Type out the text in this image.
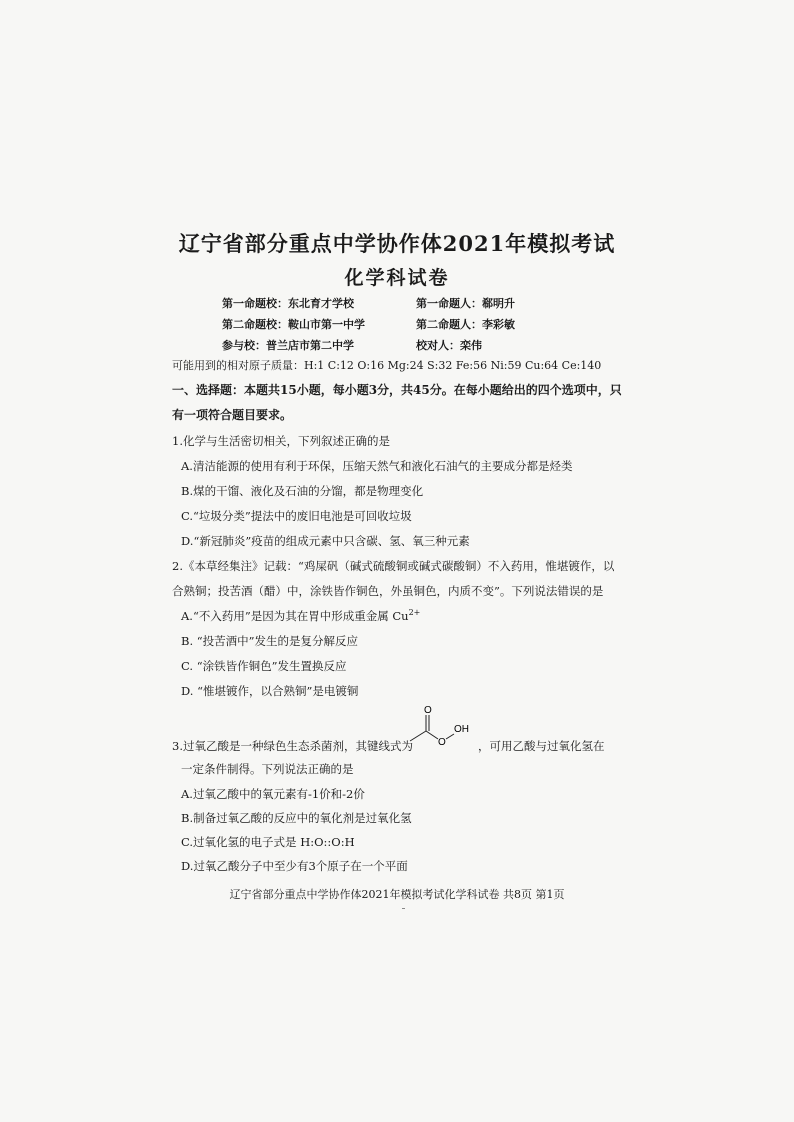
辽宁省部分重点中学协作体2021年模拟考试
化学科试卷
第一命题校：东北育才学校	第一命题人：郗明升
第二命题校：鞍山市第一中学	第二命题人：李彩敏
参与校：普兰店市第二中学	校对人：栾伟
可能用到的相对原子质量：H:1 C:12 O:16 Mg:24 S:32 Fe:56 Ni:59 Cu:64 Ce:140
一、选择题：本题共15小题，每小题3分，共45分。在每小题给出的四个选项中，只
有一项符合题目要求。
1.化学与生活密切相关，下列叙述正确的是
A.清洁能源的使用有利于环保，压缩天然气和液化石油气的主要成分都是烃类
B.煤的干馏、液化及石油的分馏，都是物理变化
C.“垃圾分类”提法中的废旧电池是可回收垃圾
D.“新冠肺炎”疫苗的组成元素中只含碳、氢、氧三种元素
2.《本草经集注》记载：“鸡屎矾（碱式硫酸铜或碱式碳酸铜）不入药用，惟堪镀作，以
合熟铜；投苦酒（醋）中，涂铁皆作铜色，外虽铜色，内质不变”。下列说法错误的是
A.“不入药用”是因为其在胃中形成重金属 $Cu^{2+}$
B. “投苦酒中”发生的是复分解反应
C. “涂铁皆作铜色”发生置换反应
D. “惟堪镀作，以合熟铜”是电镀铜
O
O
OH
3.过氧乙酸是一种绿色生态杀菌剂，其键线式为	，可用乙酸与过氧化氢在
一定条件制得。下列说法正确的是
A.过氧乙酸中的氧元素有-1价和-2价
B.制备过氧乙酸的反应中的氧化剂是过氧化氢
C.过氧化氢的电子式是 H:O::O:H
D.过氧乙酸分子中至少有3个原子在一个平面
辽宁省部分重点中学协作体2021年模拟考试化学科试卷 共8页 第1页
